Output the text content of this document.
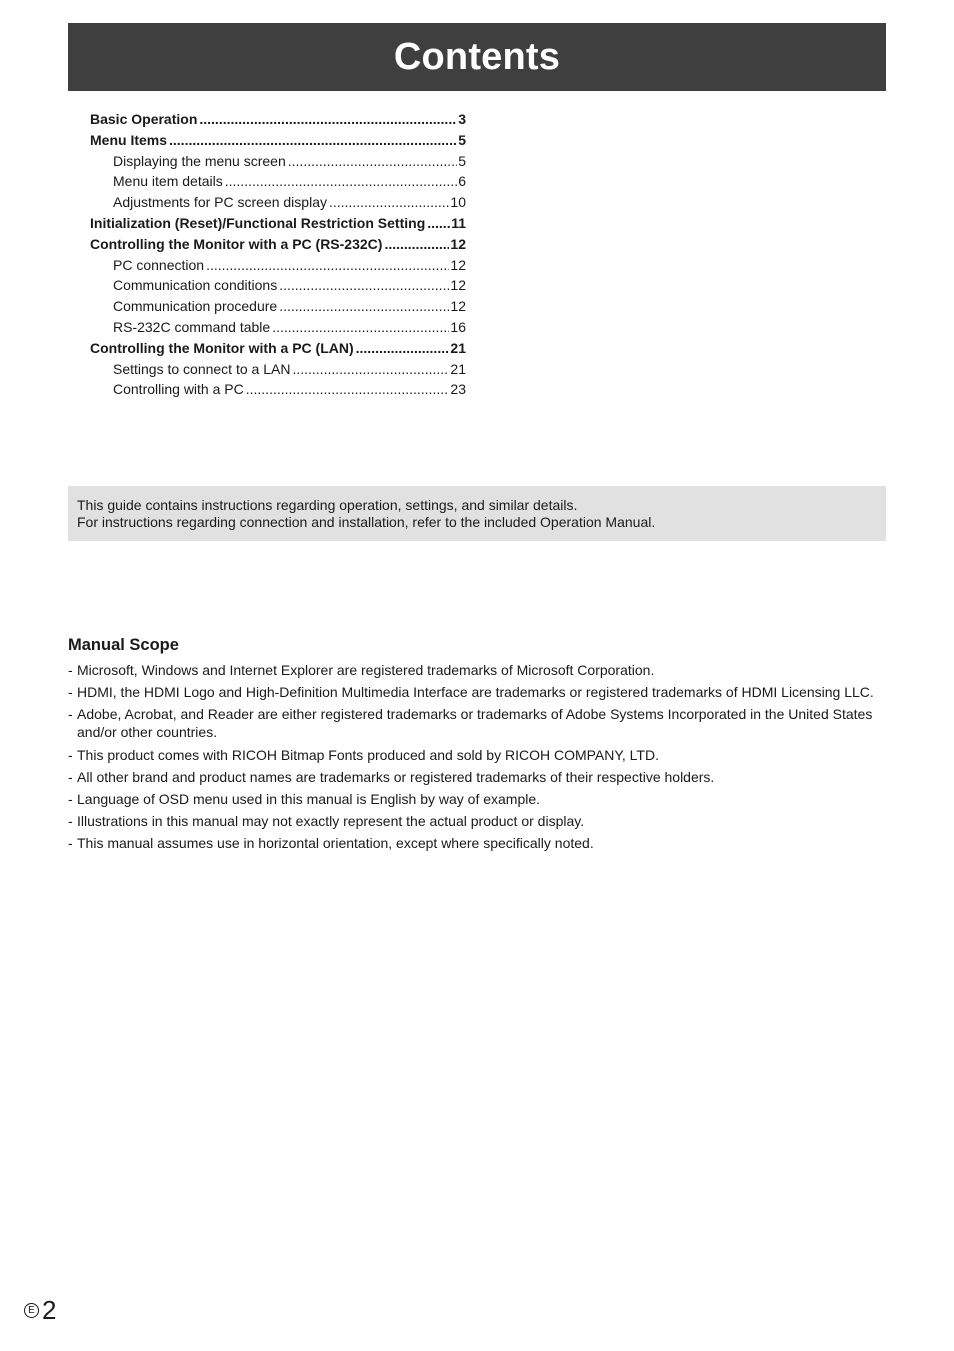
Contents
Basic Operation .....	3
Menu Items .....	5
Displaying the menu screen .....	5
Menu item details .....	6
Adjustments for PC screen display .....	10
Initialization (Reset)/Functional Restriction Setting ..... 11
Controlling the Monitor with a PC (RS-232C) .....	12
PC connection .....	12
Communication conditions .....	12
Communication procedure .....	12
RS-232C command table .....	16
Controlling the Monitor with a PC (LAN) .....	21
Settings to connect to a LAN .....	21
Controlling with a PC .....	23

This guide contains instructions regarding operation, settings, and similar details.

For instructions regarding connection and installation, refer to the included Operation Manual.

Manual Scope
- Microsoft, Windows and Internet Explorer are registered trademarks of Microsoft Corporation.
- HDMI, the HDMI Logo and High-Definition Multimedia Interface are trademarks or registered trademarks of HDMI Licensing LLC.
- Adobe, Acrobat, and Reader are either registered trademarks or trademarks of Adobe Systems Incorporated in the United States and/or other countries.
- This product comes with RICOH Bitmap Fonts produced and sold by RICOH COMPANY, LTD.
- All other brand and product names are trademarks or registered trademarks of their respective holders.
- Language of OSD menu used in this manual is English by way of example.
- Illustrations in this manual may not exactly represent the actual product or display.
- This manual assumes use in horizontal orientation, except where specifically noted.
E 2
